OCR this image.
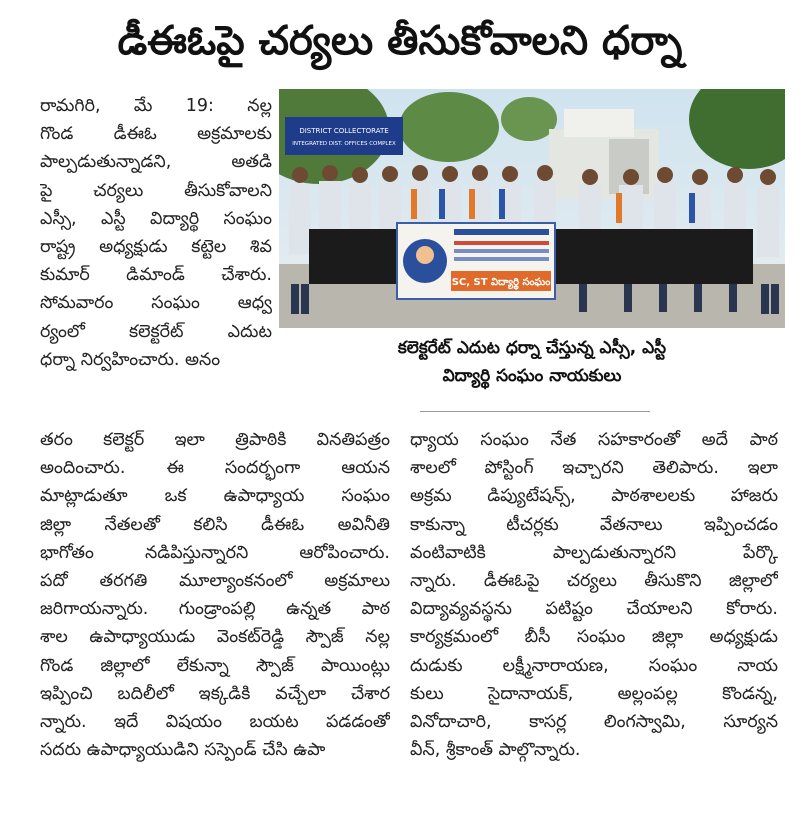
డీఈఓపై చర్యలు తీసుకోవాలని ధర్నా
రామగిరి, మే 19: నల్ల
గొండ డీఈఓ అక్రమాలకు
పాల్పడుతున్నాడని, అతడి
పై చర్యలు తీసుకోవాలని
ఎస్సీ, ఎస్టీ విద్యార్థి సంఘం
రాష్ట్ర అధ్యక్షుడు కట్టెల శివ
కుమార్ డిమాండ్ చేశారు.
సోమవారం సంఘం ఆధ్వ
ర్యంలో కలెక్టరేట్ ఎదుట
ధర్నా నిర్వహించారు. అనం
తరం కలెక్టర్ ఇలా త్రిపాఠికి వినతిపత్రం
అందించారు. ఈ సందర్భంగా ఆయన
మాట్లాడుతూ ఒక ఉపాధ్యాయ సంఘం
జిల్లా నేతలతో కలిసి డీఈఓ అవినీతి
భాగోతం నడిపిస్తున్నారని ఆరోపించారు.
పదో తరగతి మూల్యాంకనంలో అక్రమాలు
జరిగాయన్నారు. గుండ్రాంపల్లి ఉన్నత పాఠ
శాల ఉపాధ్యాయుడు వెంకట్‌రెడ్డి స్పౌజ్ నల్ల
గొండ జిల్లాలో లేకున్నా స్పౌజ్ పాయింట్లు
ఇప్పించి బదిలీలో ఇక్కడికి వచ్చేలా చేశార
న్నారు. ఇదే విషయం బయట పడడంతో
సదరు ఉపాధ్యాయుడిని సస్పెండ్ చేసి ఉపా
ధ్యాయ సంఘం నేత సహకారంతో అదే పాఠ
శాలలో పోస్టింగ్ ఇచ్చారని తెలిపారు. ఇలా
అక్రమ డిప్యుటేషన్స్, పాఠశాలలకు హాజరు
కాకున్నా టీచర్లకు వేతనాలు ఇప్పించడం
వంటివాటికి పాల్పడుతున్నారని పేర్కొ
న్నారు. డీఈఓపై చర్యలు తీసుకొని జిల్లాలో
విద్యావ్యవస్థను పటిష్టం చేయాలని కోరారు.
కార్యక్రమంలో బీసీ సంఘం జిల్లా అధ్యక్షుడు
దుడుకు లక్ష్మీనారాయణ, సంఘం నాయ
కులు సైదానాయక్, అల్లంపల్ల కొండన్న,
వినోదాచారి, కాసర్ల లింగస్వామి, సూర్యన
వీన్, శ్రీకాంత్ పాల్గొన్నారు.
DISTRICT COLLECTORATE
INTEGRATED DIST. OFFICES COMPLEX
SC, ST విద్యార్థి సంఘం
కలెక్టరేట్ ఎదుట ధర్నా చేస్తున్న ఎస్సీ, ఎస్టీ
విద్యార్థి సంఘం నాయకులు
